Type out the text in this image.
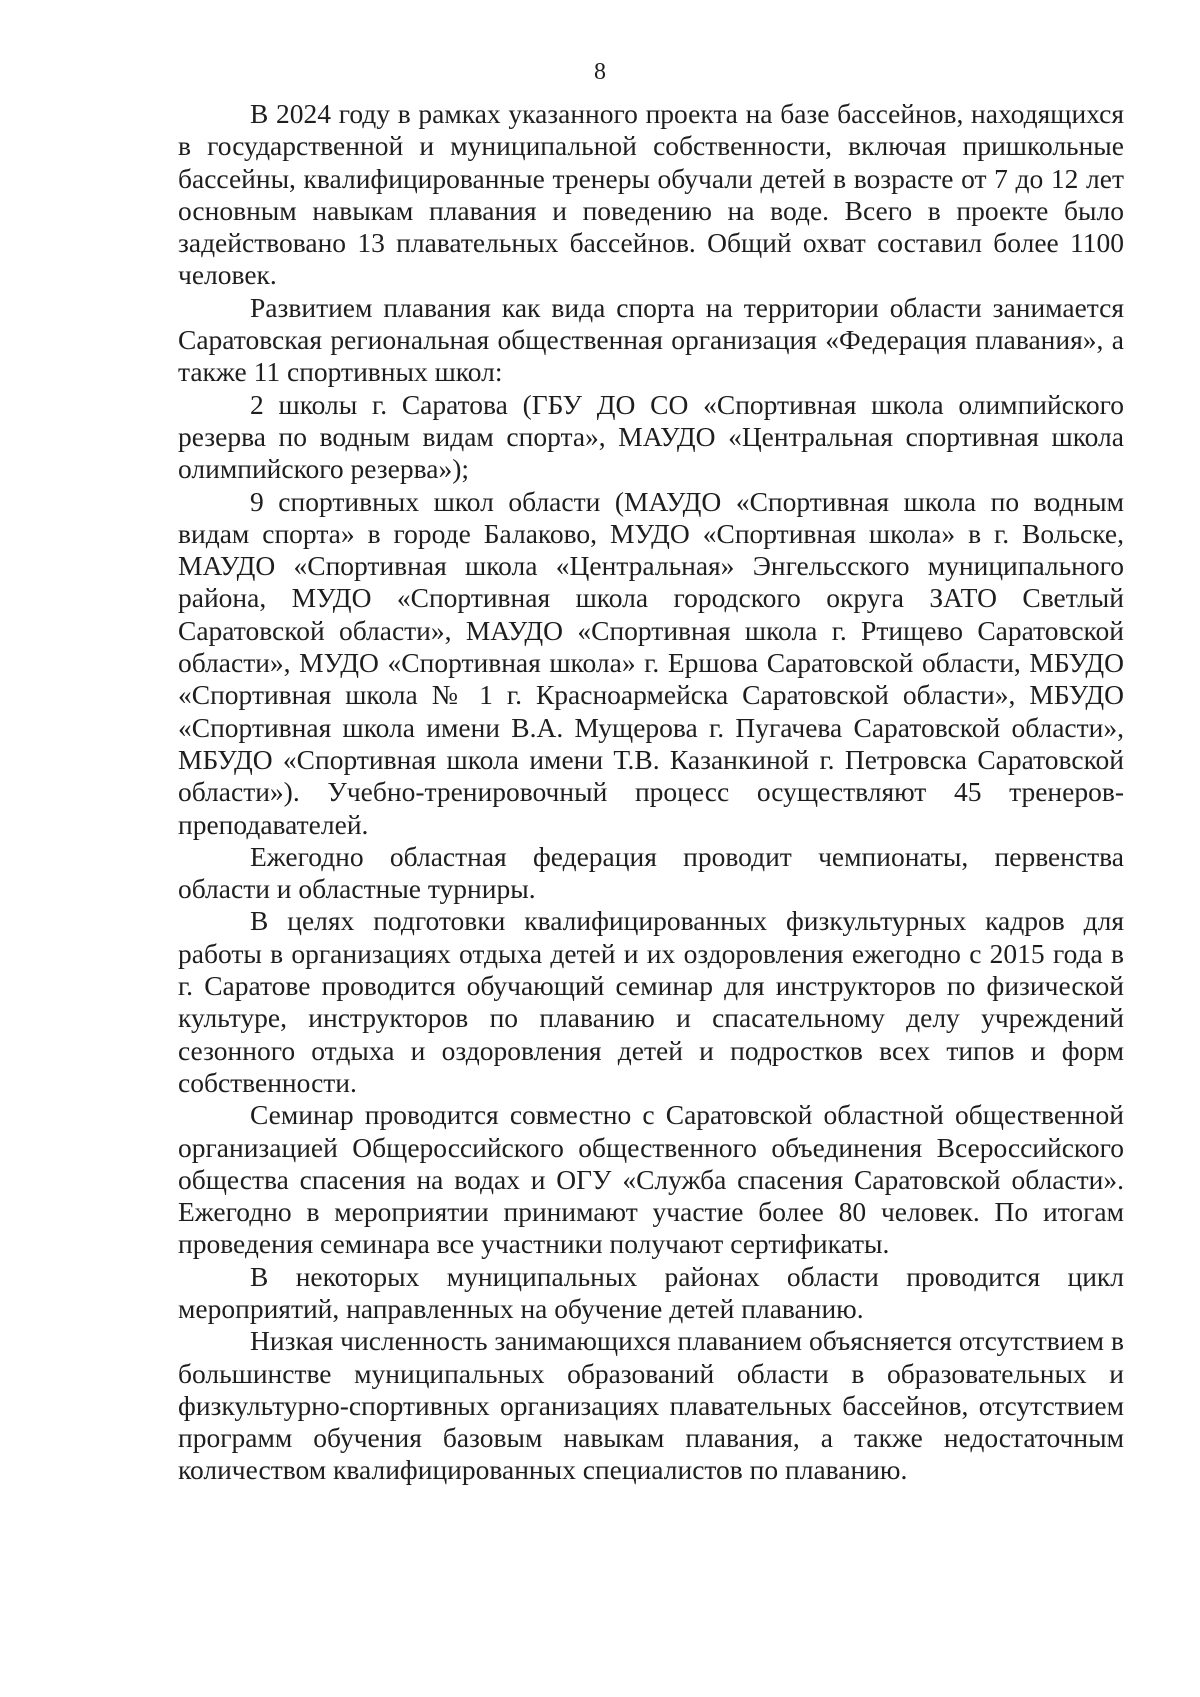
8

В 2024 году в рамках указанного проекта на базе бассейнов, находящихся в государственной и муниципальной собственности, включая пришкольные бассейны, квалифицированные тренеры обучали детей в возрасте от 7 до 12 лет основным навыкам плавания и поведению на воде. Всего в проекте было задействовано 13 плавательных бассейнов. Общий охват составил более 1100 человек.

Развитием плавания как вида спорта на территории области занимается Саратовская региональная общественная организация «Федерация плавания», а также 11 спортивных школ:

2 школы г. Саратова (ГБУ ДО СО «Спортивная школа олимпийского резерва по водным видам спорта», МАУДО «Центральная спортивная школа олимпийского резерва»);

9 спортивных школ области (МАУДО «Спортивная школа по водным видам спорта» в городе Балаково, МУДО «Спортивная школа» в г. Вольске, МАУДО «Спортивная школа «Центральная» Энгельсского муниципального района, МУДО «Спортивная школа городского округа ЗАТО Светлый Саратовской области», МАУДО «Спортивная школа г. Ртищево Саратовской области», МУДО «Спортивная школа» г. Ершова Саратовской области, МБУДО «Спортивная школа № 1 г. Красноармейска Саратовской области», МБУДО «Спортивная школа имени В.А. Мущерова г. Пугачева Саратовской области», МБУДО «Спортивная школа имени Т.В. Казанкиной г. Петровска Саратовской области»). Учебно-тренировочный процесс осуществляют 45 тренеров-преподавателей.

Ежегодно областная федерация проводит чемпионаты, первенства области и областные турниры.

В целях подготовки квалифицированных физкультурных кадров для работы в организациях отдыха детей и их оздоровления ежегодно с 2015 года в г. Саратове проводится обучающий семинар для инструкторов по физической культуре, инструкторов по плаванию и спасательному делу учреждений сезонного отдыха и оздоровления детей и подростков всех типов и форм собственности.

Семинар проводится совместно с Саратовской областной общественной организацией Общероссийского общественного объединения Всероссийского общества спасения на водах и ОГУ «Служба спасения Саратовской области». Ежегодно в мероприятии принимают участие более 80 человек. По итогам проведения семинара все участники получают сертификаты.

В некоторых муниципальных районах области проводится цикл мероприятий, направленных на обучение детей плаванию.

Низкая численность занимающихся плаванием объясняется отсутствием в большинстве муниципальных образований области в образовательных и физкультурно-спортивных организациях плавательных бассейнов, отсутствием программ обучения базовым навыкам плавания, а также недостаточным количеством квалифицированных специалистов по плаванию.
